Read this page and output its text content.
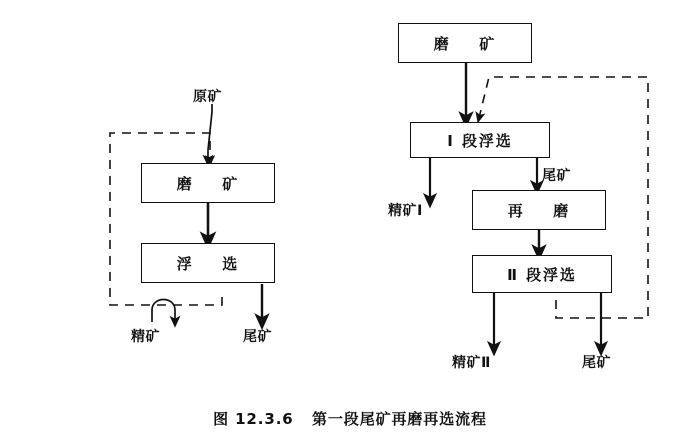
磨    矿
浮    选
原矿
精矿	尾矿
磨    矿
Ⅰ 段浮选
再    磨
Ⅱ 段浮选
尾矿
精矿Ⅰ
精矿Ⅱ	尾矿
图 12.3.6   第一段尾矿再磨再选流程
